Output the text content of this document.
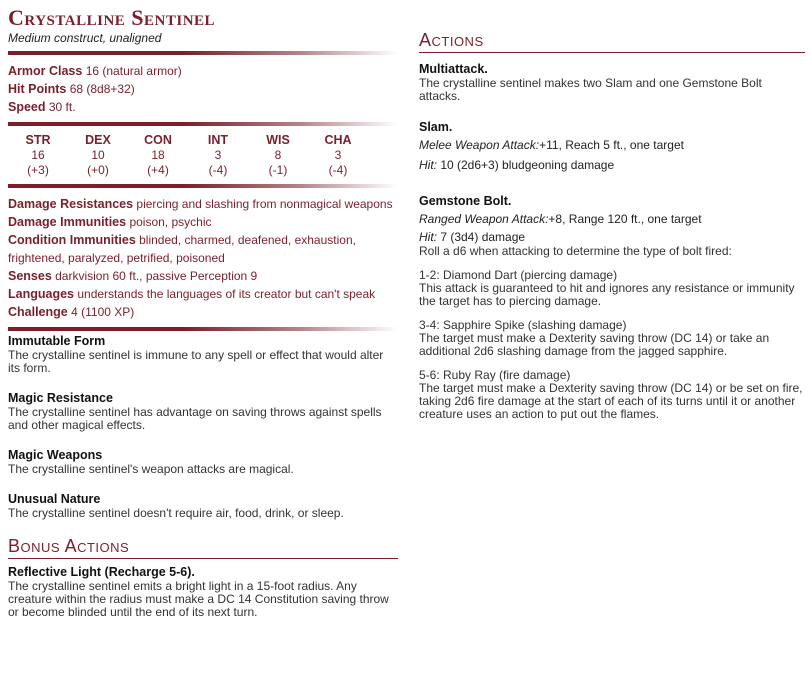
Crystalline Sentinel
Medium construct, unaligned
Armor Class 16 (natural armor)
Hit Points 68 (8d8+32)
Speed 30 ft.
STR
16
(+3)
DEX
10
(+0)
CON
18
(+4)
INT
3
(-4)
WIS
8
(-1)
CHA
3
(-4)
Damage Resistances piercing and slashing from nonmagical weapons
Damage Immunities poison, psychic
Condition Immunities blinded, charmed, deafened, exhaustion, frightened, paralyzed, petrified, poisoned
Senses darkvision 60 ft., passive Perception 9
Languages understands the languages of its creator but can't speak
Challenge 4 (1100 XP)
Immutable Form
The crystalline sentinel is immune to any spell or effect that would alter its form.
Magic Resistance
The crystalline sentinel has advantage on saving throws against spells and other magical effects.
Magic Weapons
The crystalline sentinel's weapon attacks are magical.
Unusual Nature
The crystalline sentinel doesn't require air, food, drink, or sleep.
Bonus Actions
Reflective Light (Recharge 5-6).
The crystalline sentinel emits a bright light in a 15-foot radius. Any creature within the radius must make a DC 14 Constitution saving throw or become blinded until the end of its next turn.
Actions
Multiattack.
The crystalline sentinel makes two Slam and one Gemstone Bolt attacks.
Slam.
Melee Weapon Attack:+11, Reach 5 ft., one target
Hit: 10 (2d6+3) bludgeoning damage
Gemstone Bolt.
Ranged Weapon Attack:+8, Range 120 ft., one target
Hit: 7 (3d4) damage
Roll a d6 when attacking to determine the type of bolt fired:
1-2: Diamond Dart (piercing damage)
This attack is guaranteed to hit and ignores any resistance or immunity the target has to piercing damage.
3-4: Sapphire Spike (slashing damage)
The target must make a Dexterity saving throw (DC 14) or take an additional 2d6 slashing damage from the jagged sapphire.
5-6: Ruby Ray (fire damage)
The target must make a Dexterity saving throw (DC 14) or be set on fire, taking 2d6 fire damage at the start of each of its turns until it or another creature uses an action to put out the flames.
